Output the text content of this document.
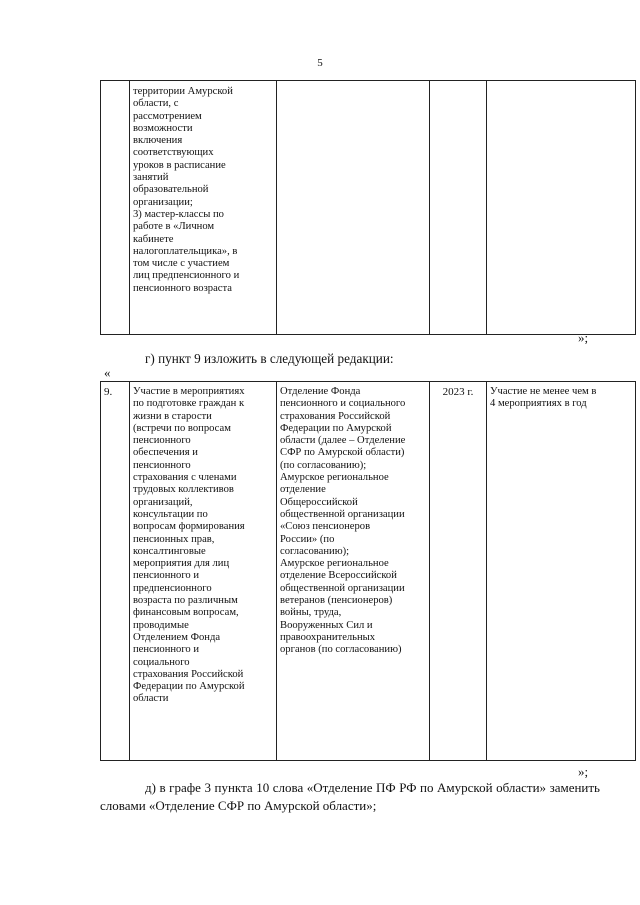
5
	территории Амурской
области, с
рассмотрением
возможности
включения
соответствующих
уроков в расписание
занятий
образовательной
организации;
3) мастер-классы по
работе в «Личном
кабинете
налогоплательщика», в
том числе с участием
лиц предпенсионного и
пенсионного возраста			
»;
г) пункт 9 изложить в следующей редакции:
«
9.	Участие в мероприятиях
по подготовке граждан к
жизни в старости
(встречи по вопросам
пенсионного
обеспечения и
пенсионного
страхования с членами
трудовых коллективов
организаций,
консультации по
вопросам формирования
пенсионных прав,
консалтинговые
мероприятия для лиц
пенсионного и
предпенсионного
возраста по различным
финансовым вопросам,
проводимые
Отделением Фонда
пенсионного и
социального
страхования Российской
Федерации по Амурской
области	Отделение Фонда
пенсионного и социального
страхования Российской
Федерации по Амурской
области (далее – Отделение
СФР по Амурской области)
(по согласованию);
Амурское региональное
отделение
Общероссийской
общественной организации
«Союз пенсионеров
России» (по
согласованию);
Амурское региональное
отделение Всероссийской
общественной организации
ветеранов (пенсионеров)
войны, труда,
Вооруженных Сил и
правоохранительных
органов (по согласованию)	2023 г.	Участие не менее чем в
4 мероприятиях в год
»;
д) в графе 3 пункта 10 слова «Отделение ПФ РФ по Амурской области» заменить словами «Отделение СФР по Амурской области»;
